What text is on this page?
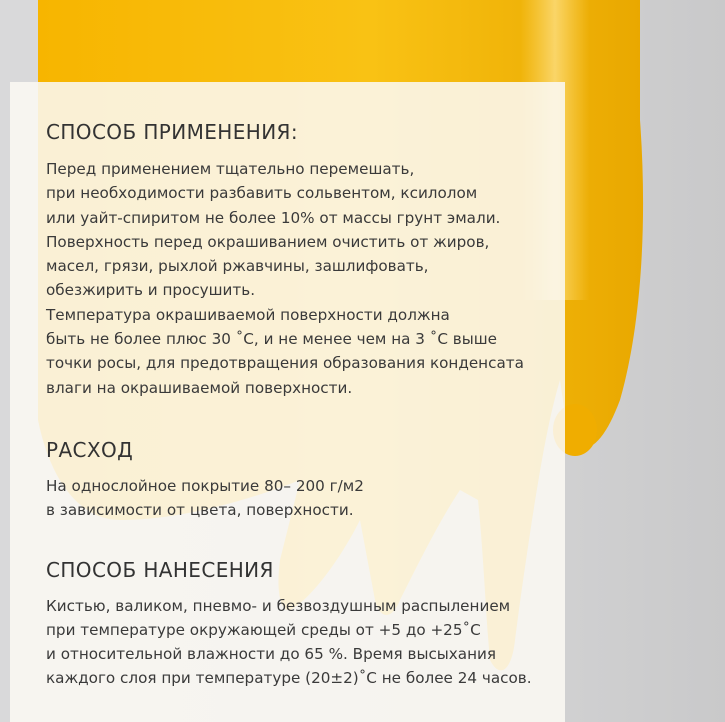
СПОСОБ ПРИМЕНЕНИЯ:

Перед применением тщательно перемешать,
при необходимости разбавить сольвентом, ксилолом
или уайт-спиритом не более 10% от массы грунт эмали.
Поверхность перед окрашиванием очистить от жиров,
масел, грязи, рыхлой ржавчины, зашлифовать,
обезжирить и просушить.
Температура окрашиваемой поверхности должна
быть не более плюс 30 ˚С, и не менее чем на 3 ˚С выше
точки росы, для предотвращения образования конденсата
влаги на окрашиваемой поверхности.

РАСХОД

На однослойное покрытие 80– 200 г/м2
в зависимости от цвета, поверхности.

СПОСОБ НАНЕСЕНИЯ

Кистью, валиком, пневмо- и безвоздушным распылением
при температуре окружающей среды от +5 до +25˚С
и относительной влажности до 65 %. Время высыхания
каждого слоя при температуре (20±2)˚С не более 24 часов.
